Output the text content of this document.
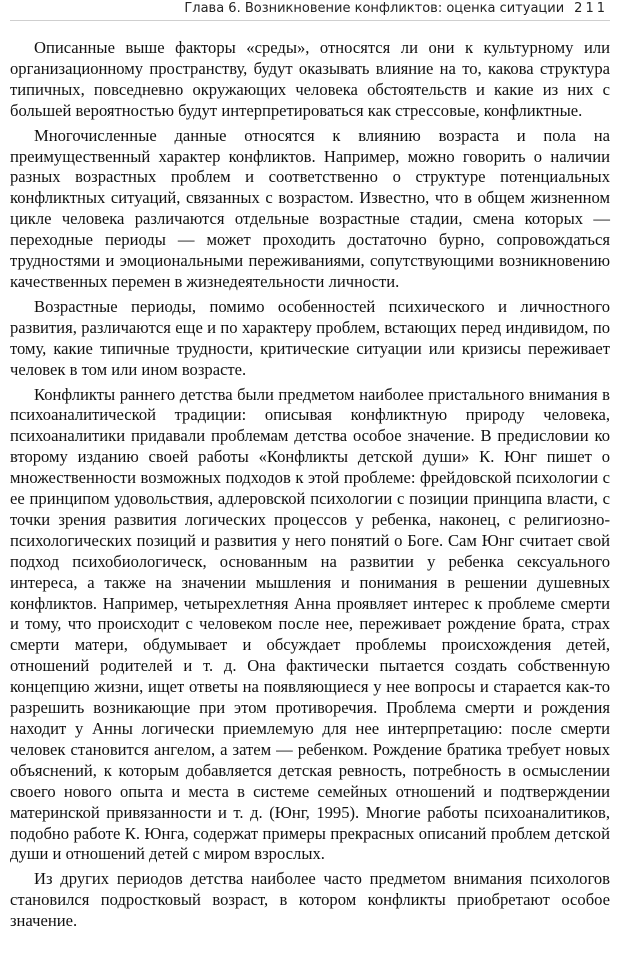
Глава 6. Возникновение конфликтов: оценка ситуации 211

Описанные выше факторы «среды», относятся ли они к культурному или организационному пространству, будут оказывать влияние на то, какова структура типичных, повседневно окружающих человека обстоятельств и какие из них с большей вероятностью будут интерпретироваться как стрессовые, конфликтные.

Многочисленные данные относятся к влиянию возраста и пола на преимущественный характер конфликтов. Например, можно говорить о наличии разных возрастных проблем и соответственно о структуре потенциальных конфликтных ситуаций, связанных с возрастом. Известно, что в общем жизненном цикле человека различаются отдельные возрастные стадии, смена которых — переходные периоды — может проходить достаточно бурно, сопровождаться трудностями и эмоциональными переживаниями, сопутствующими возникновению качественных перемен в жизнедеятельности личности.

Возрастные периоды, помимо особенностей психического и личностного развития, различаются еще и по характеру проблем, встающих перед индивидом, по тому, какие типичные трудности, критические ситуации или кризисы переживает человек в том или ином возрасте.

Конфликты раннего детства были предметом наиболее пристального внимания в психоаналитической традиции: описывая конфликтную природу человека, психоаналитики придавали проблемам детства особое значение. В предисловии ко второму изданию своей работы «Конфликты детской души» К. Юнг пишет о множественности возможных подходов к этой проблеме: фрейдовской психологии с ее принципом удовольствия, адлеровской психологии с позиции принципа власти, с точки зрения развития логических процессов у ребенка, наконец, с религиозно-психологических позиций и развития у него понятий о Боге. Сам Юнг считает свой подход психобиологическ, основанным на развитии у ребенка сексуального интереса, а также на значении мышления и понимания в решении душевных конфликтов. Например, четырехлетняя Анна проявляет интерес к проблеме смерти и тому, что происходит с человеком после нее, переживает рождение брата, страх смерти матери, обдумывает и обсуждает проблемы происхождения детей, отношений родителей и т. д. Она фактически пытается создать собственную концепцию жизни, ищет ответы на появляющиеся у нее вопросы и старается как-то разрешить возникающие при этом противоречия. Проблема смерти и рождения находит у Анны логически приемлемую для нее интерпретацию: после смерти человек становится ангелом, а затем — ребенком. Рождение братика требует новых объяснений, к которым добавляется детская ревность, потребность в осмыслении своего нового опыта и места в системе семейных отношений и подтверждении материнской привязанности и т. д. (Юнг, 1995). Многие работы психоаналитиков, подобно работе К. Юнга, содержат примеры прекрасных описаний проблем детской души и отношений детей с миром взрослых.

Из других периодов детства наиболее часто предметом внимания психологов становился подростковый возраст, в котором конфликты приобретают особое значение.
